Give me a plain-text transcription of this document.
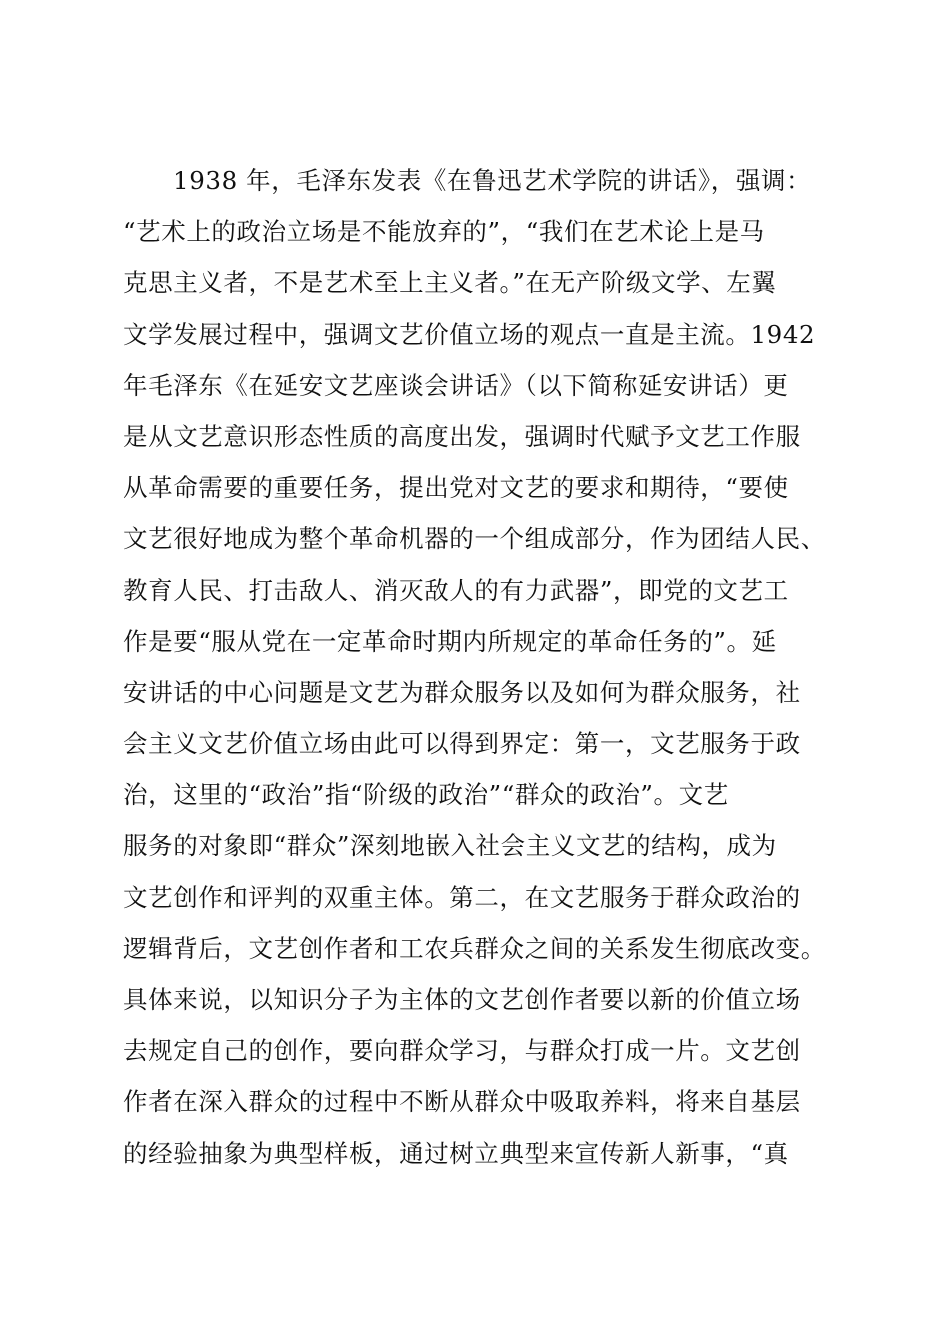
1938 年，毛泽东发表《在鲁迅艺术学院的讲话》，强调：
“艺术上的政治立场是不能放弃的”，“我们在艺术论上是马
克思主义者，不是艺术至上主义者。”在无产阶级文学、左翼
文学发展过程中，强调文艺价值立场的观点一直是主流。1942
年毛泽东《在延安文艺座谈会讲话》（以下简称延安讲话）更
是从文艺意识形态性质的高度出发，强调时代赋予文艺工作服
从革命需要的重要任务，提出党对文艺的要求和期待，“要使
文艺很好地成为整个革命机器的一个组成部分，作为团结人民、
教育人民、打击敌人、消灭敌人的有力武器”，即党的文艺工
作是要“服从党在一定革命时期内所规定的革命任务的”。延
安讲话的中心问题是文艺为群众服务以及如何为群众服务，社
会主义文艺价值立场由此可以得到界定：第一，文艺服务于政
治，这里的“政治”指“阶级的政治”“群众的政治”。文艺
服务的对象即“群众”深刻地嵌入社会主义文艺的结构，成为
文艺创作和评判的双重主体。第二，在文艺服务于群众政治的
逻辑背后，文艺创作者和工农兵群众之间的关系发生彻底改变。
具体来说，以知识分子为主体的文艺创作者要以新的价值立场
去规定自己的创作，要向群众学习，与群众打成一片。文艺创
作者在深入群众的过程中不断从群众中吸取养料，将来自基层
的经验抽象为典型样板，通过树立典型来宣传新人新事，“真
